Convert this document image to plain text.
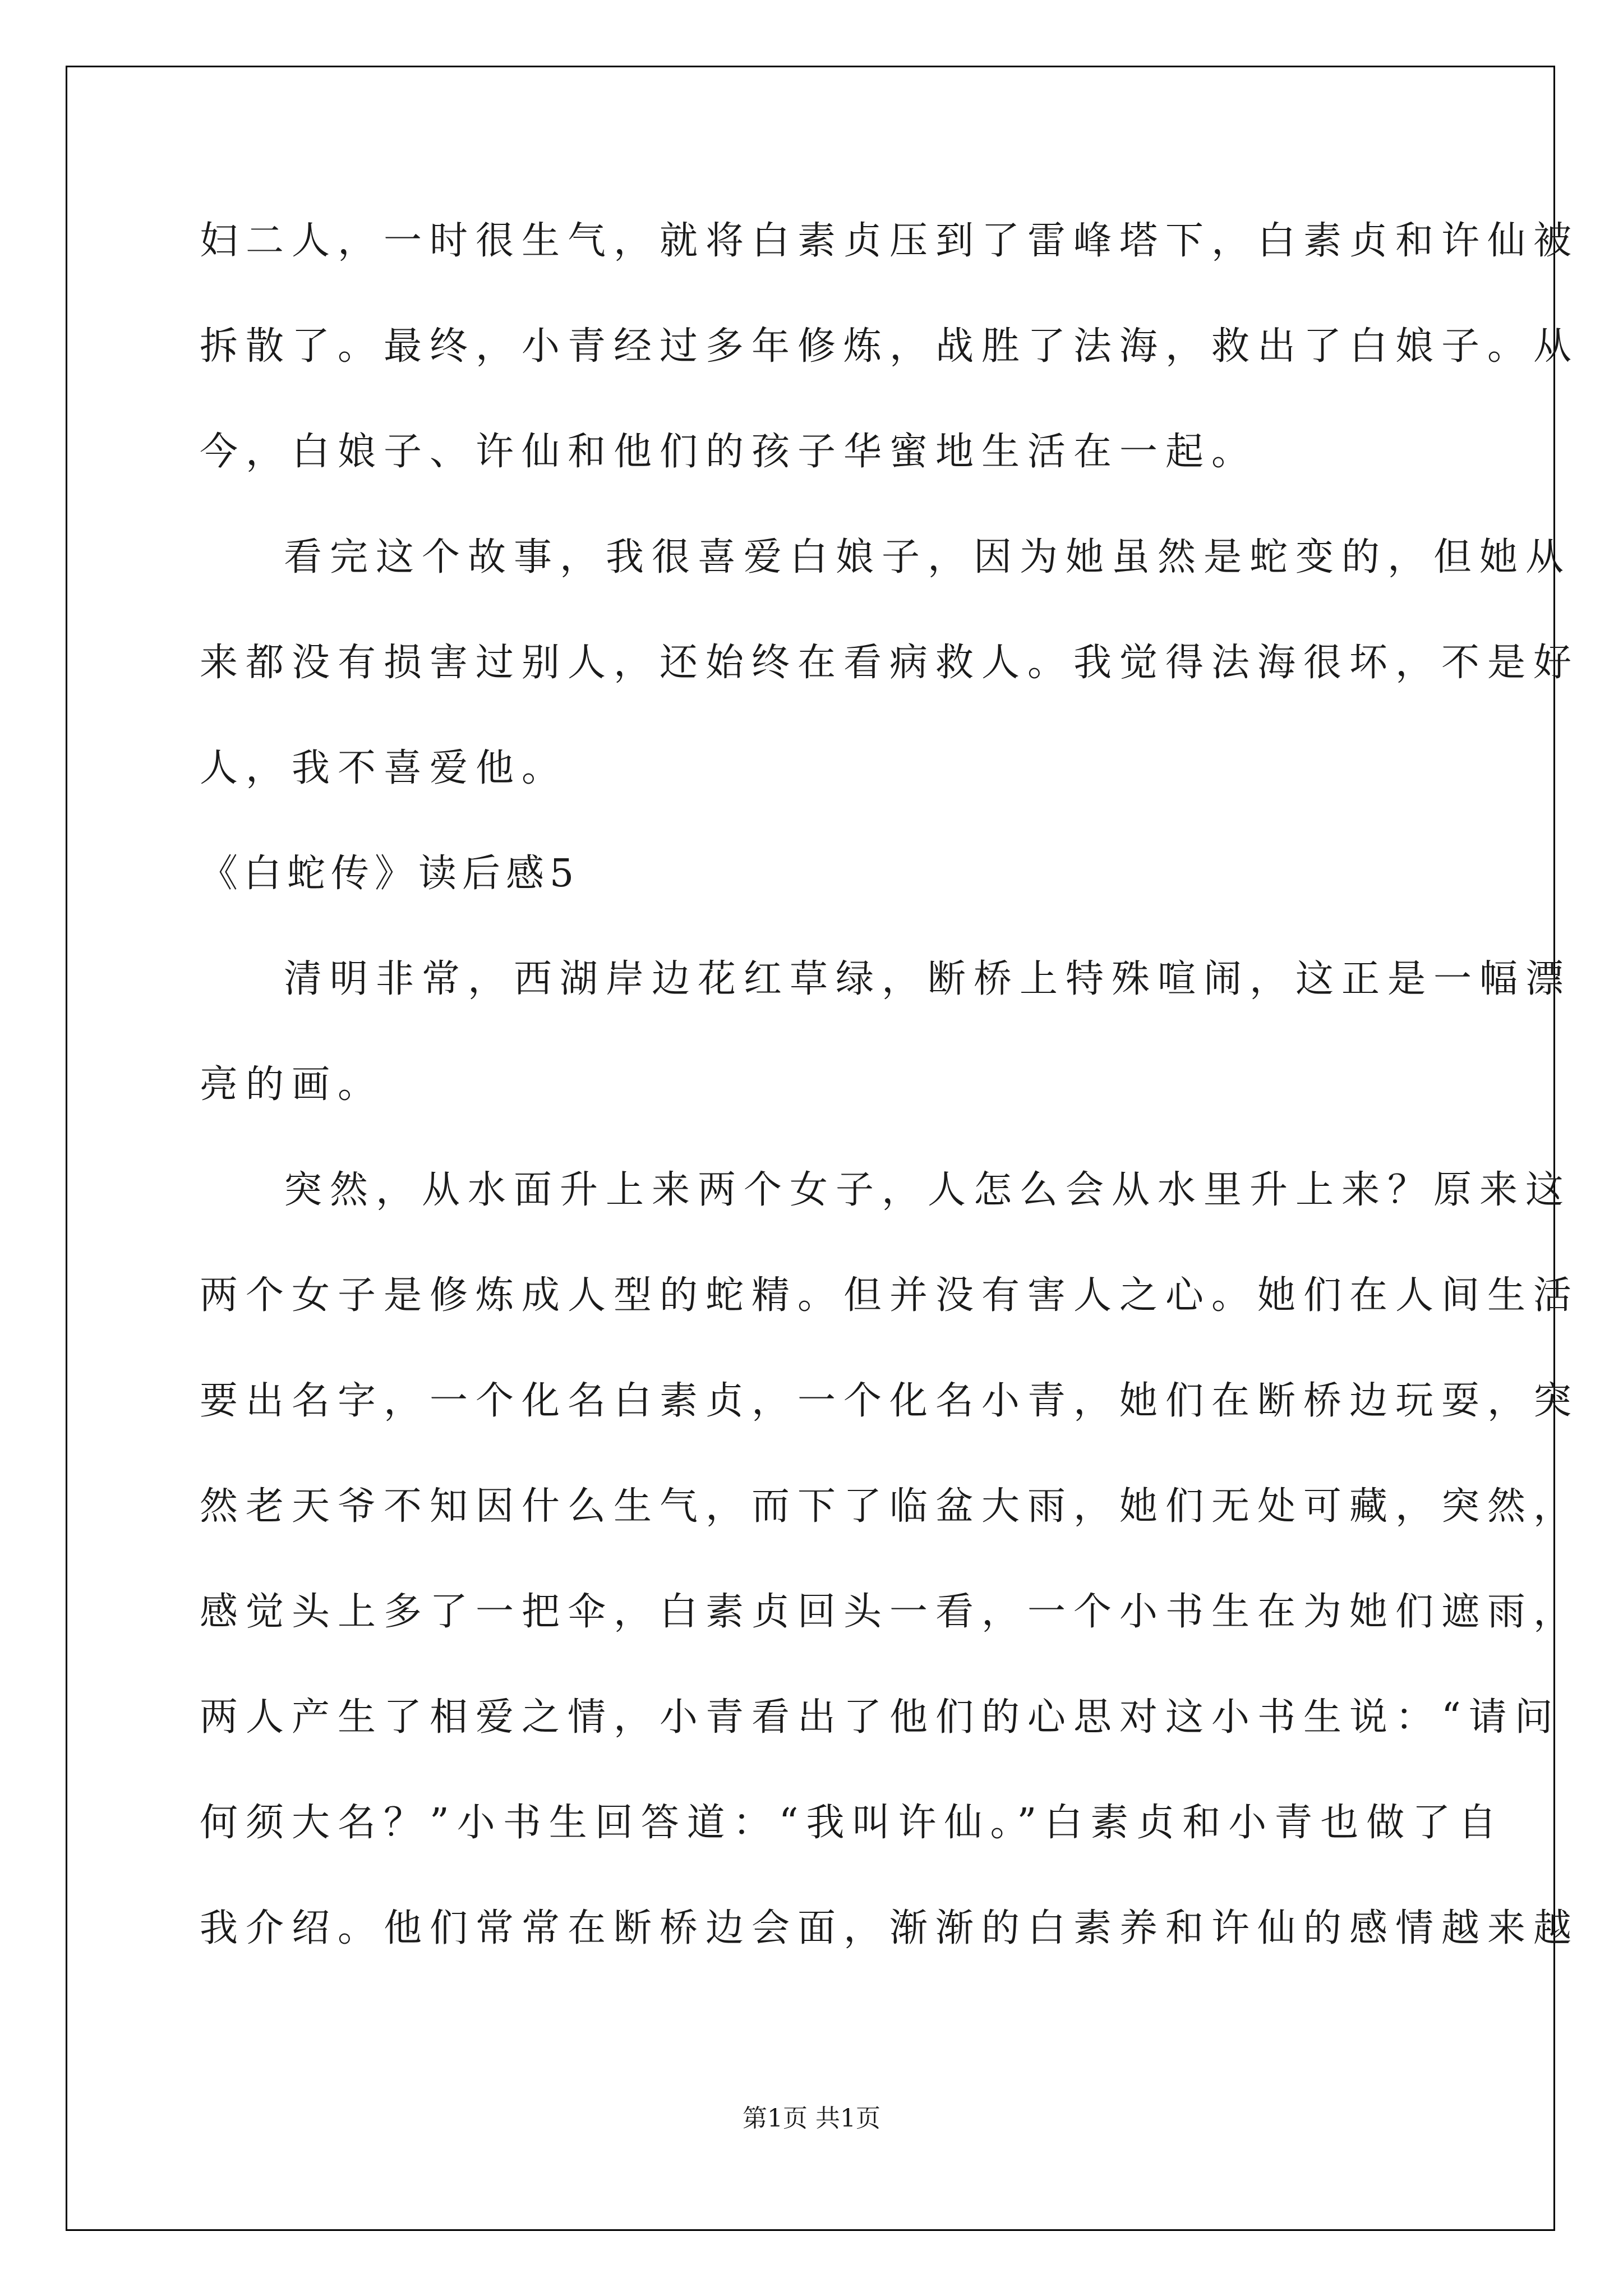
妇二人，一时很生气，就将白素贞压到了雷峰塔下，白素贞和许仙被
拆散了。最终，小青经过多年修炼，战胜了法海，救出了白娘子。从
今，白娘子、许仙和他们的孩子华蜜地生活在一起。
看完这个故事，我很喜爱白娘子，因为她虽然是蛇变的，但她从
来都没有损害过别人，还始终在看病救人。我觉得法海很坏，不是好
人，我不喜爱他。
《白蛇传》读后感5
清明非常，西湖岸边花红草绿，断桥上特殊喧闹，这正是一幅漂
亮的画。
突然，从水面升上来两个女子，人怎么会从水里升上来？原来这
两个女子是修炼成人型的蛇精。但并没有害人之心。她们在人间生活
要出名字，一个化名白素贞，一个化名小青，她们在断桥边玩耍，突
然老天爷不知因什么生气，而下了临盆大雨，她们无处可藏，突然，
感觉头上多了一把伞，白素贞回头一看，一个小书生在为她们遮雨，
两人产生了相爱之情，小青看出了他们的心思对这小书生说：“请问
何须大名？”小书生回答道：“我叫许仙。”白素贞和小青也做了自
我介绍。他们常常在断桥边会面，渐渐的白素养和许仙的感情越来越
第1页 共1页
